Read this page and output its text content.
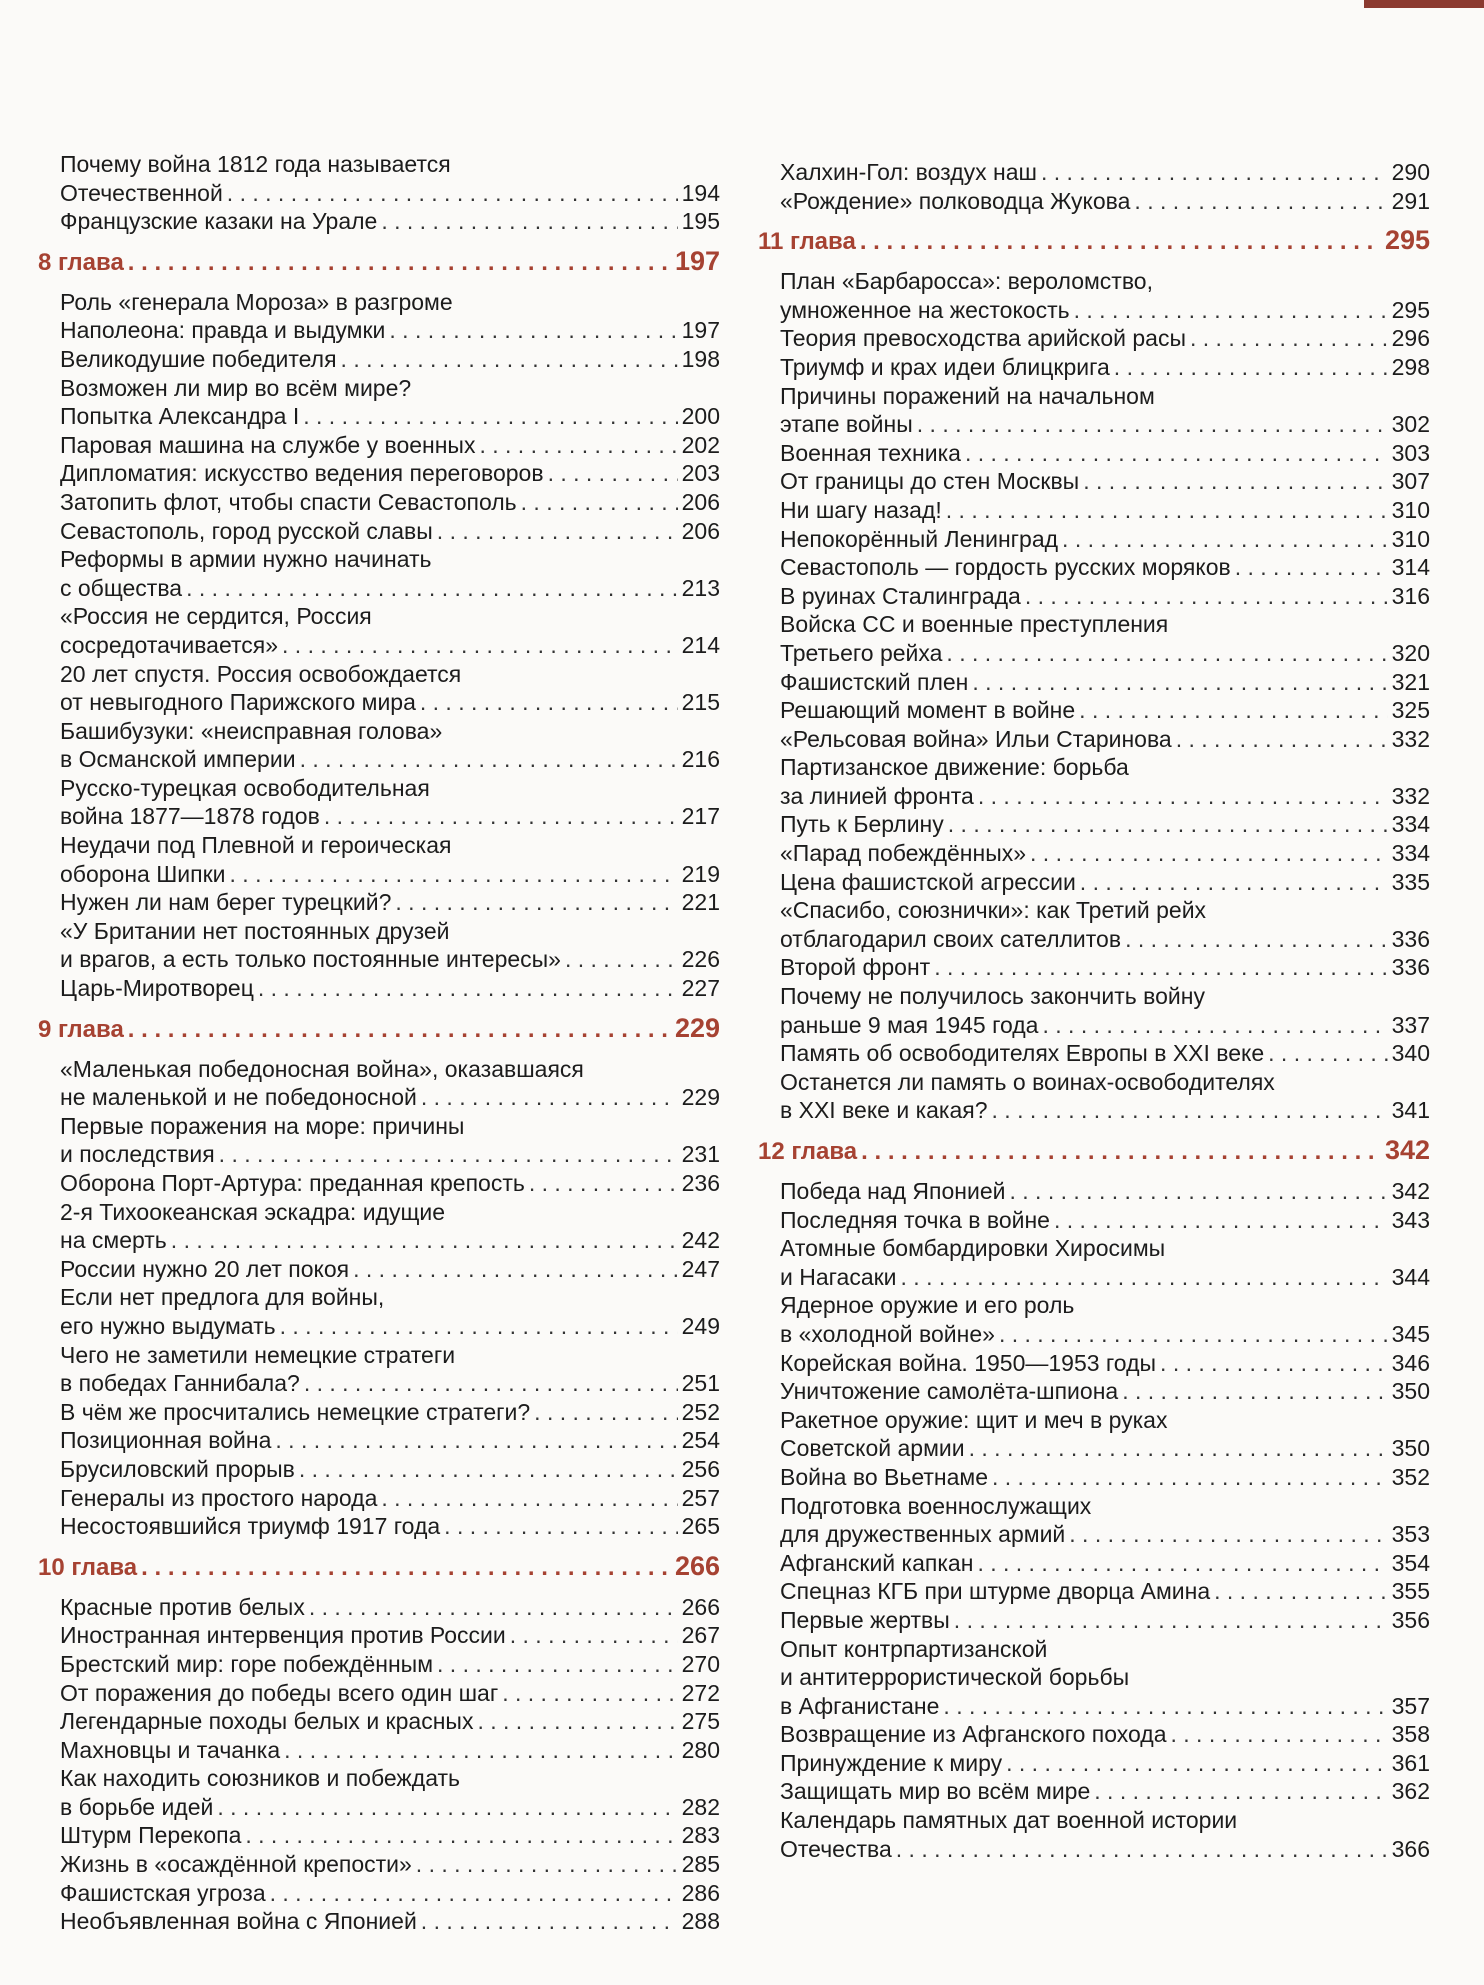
Почему война 1812 года называется
Отечественной . . .	194
Французские казаки на Урале . . .	195
8 глава . . .	197
Роль «генерала Мороза» в разгроме
Наполеона: правда и выдумки . . .	197
Великодушие победителя . . .	198
Возможен ли мир во всём мире?
Попытка Александра I . . .	200
Паровая машина на службе у военных . . .	202
Дипломатия: искусство ведения переговоров . . .	203
Затопить флот, чтобы спасти Севастополь . . .	206
Севастополь, город русской славы . . .	206
Реформы в армии нужно начинать
с общества . . .	213
«Россия не сердится, Россия
сосредотачивается» . . .	214
20 лет спустя. Россия освобождается
от невыгодного Парижского мира . . .	215
Башибузуки: «неисправная голова»
в Османской империи . . .	216
Русско-турецкая освободительная
война 1877—1878 годов . . .	217
Неудачи под Плевной и героическая
оборона Шипки . . .	219
Нужен ли нам берег турецкий? . . .	221
«У Британии нет постоянных друзей
и врагов, а есть только постоянные интересы» . . .	226
Царь-Миротворец . . .	227
9 глава . . .	229
«Маленькая победоносная война», оказавшаяся
не маленькой и не победоносной . . .	229
Первые поражения на море: причины
и последствия . . .	231
Оборона Порт-Артура: преданная крепость . . .	236
2-я Тихоокеанская эскадра: идущие
на смерть . . .	242
России нужно 20 лет покоя . . .	247
Если нет предлога для войны,
его нужно выдумать . . .	249
Чего не заметили немецкие стратеги
в победах Ганнибала? . . .	251
В чём же просчитались немецкие стратеги? . . .	252
Позиционная война . . .	254
Брусиловский прорыв . . .	256
Генералы из простого народа . . .	257
Несостоявшийся триумф 1917 года . . .	265
10 глава . . .	266
Красные против белых . . .	266
Иностранная интервенция против России . . .	267
Брестский мир: горе побеждённым . . .	270
От поражения до победы всего один шаг . . .	272
Легендарные походы белых и красных . . .	275
Махновцы и тачанка . . .	280
Как находить союзников и побеждать
в борьбе идей . . .	282
Штурм Перекопа . . .	283
Жизнь в «осаждённой крепости» . . .	285
Фашистская угроза . . .	286
Необъявленная война с Японией . . .	288
Халхин-Гол: воздух наш . . .	290
«Рождение» полководца Жукова . . .	291
11 глава . . .	295
План «Барбаросса»: вероломство,
умноженное на жестокость . . .	295
Теория превосходства арийской расы . . .	296
Триумф и крах идеи блицкрига . . .	298
Причины поражений на начальном
этапе войны . . .	302
Военная техника . . .	303
От границы до стен Москвы . . .	307
Ни шагу назад! . . .	310
Непокорённый Ленинград . . .	310
Севастополь — гордость русских моряков . . .	314
В руинах Сталинграда . . .	316
Войска СС и военные преступления
Третьего рейха . . .	320
Фашистский плен . . .	321
Решающий момент в войне . . .	325
«Рельсовая война» Ильи Старинова . . .	332
Партизанское движение: борьба
за линией фронта . . .	332
Путь к Берлину . . .	334
«Парад побеждённых» . . .	334
Цена фашистской агрессии . . .	335
«Спасибо, союзнички»: как Третий рейх
отблагодарил своих сателлитов . . .	336
Второй фронт . . .	336
Почему не получилось закончить войну
раньше 9 мая 1945 года . . .	337
Память об освободителях Европы в XXI веке . . .	340
Останется ли память о воинах-освободителях
в XXI веке и какая? . . .	341
12 глава . . .	342
Победа над Японией . . .	342
Последняя точка в войне . . .	343
Атомные бомбардировки Хиросимы
и Нагасаки . . .	344
Ядерное оружие и его роль
в «холодной войне» . . .	345
Корейская война. 1950—1953 годы . . .	346
Уничтожение самолёта-шпиона . . .	350
Ракетное оружие: щит и меч в руках
Советской армии . . .	350
Война во Вьетнаме . . .	352
Подготовка военнослужащих
для дружественных армий . . .	353
Афганский капкан . . .	354
Спецназ КГБ при штурме дворца Амина . . .	355
Первые жертвы . . .	356
Опыт контрпартизанской
и антитеррористической борьбы
в Афганистане . . .	357
Возвращение из Афганского похода . . .	358
Принуждение к миру . . .	361
Защищать мир во всём мире . . .	362
Календарь памятных дат военной истории
Отечества . . .	366
